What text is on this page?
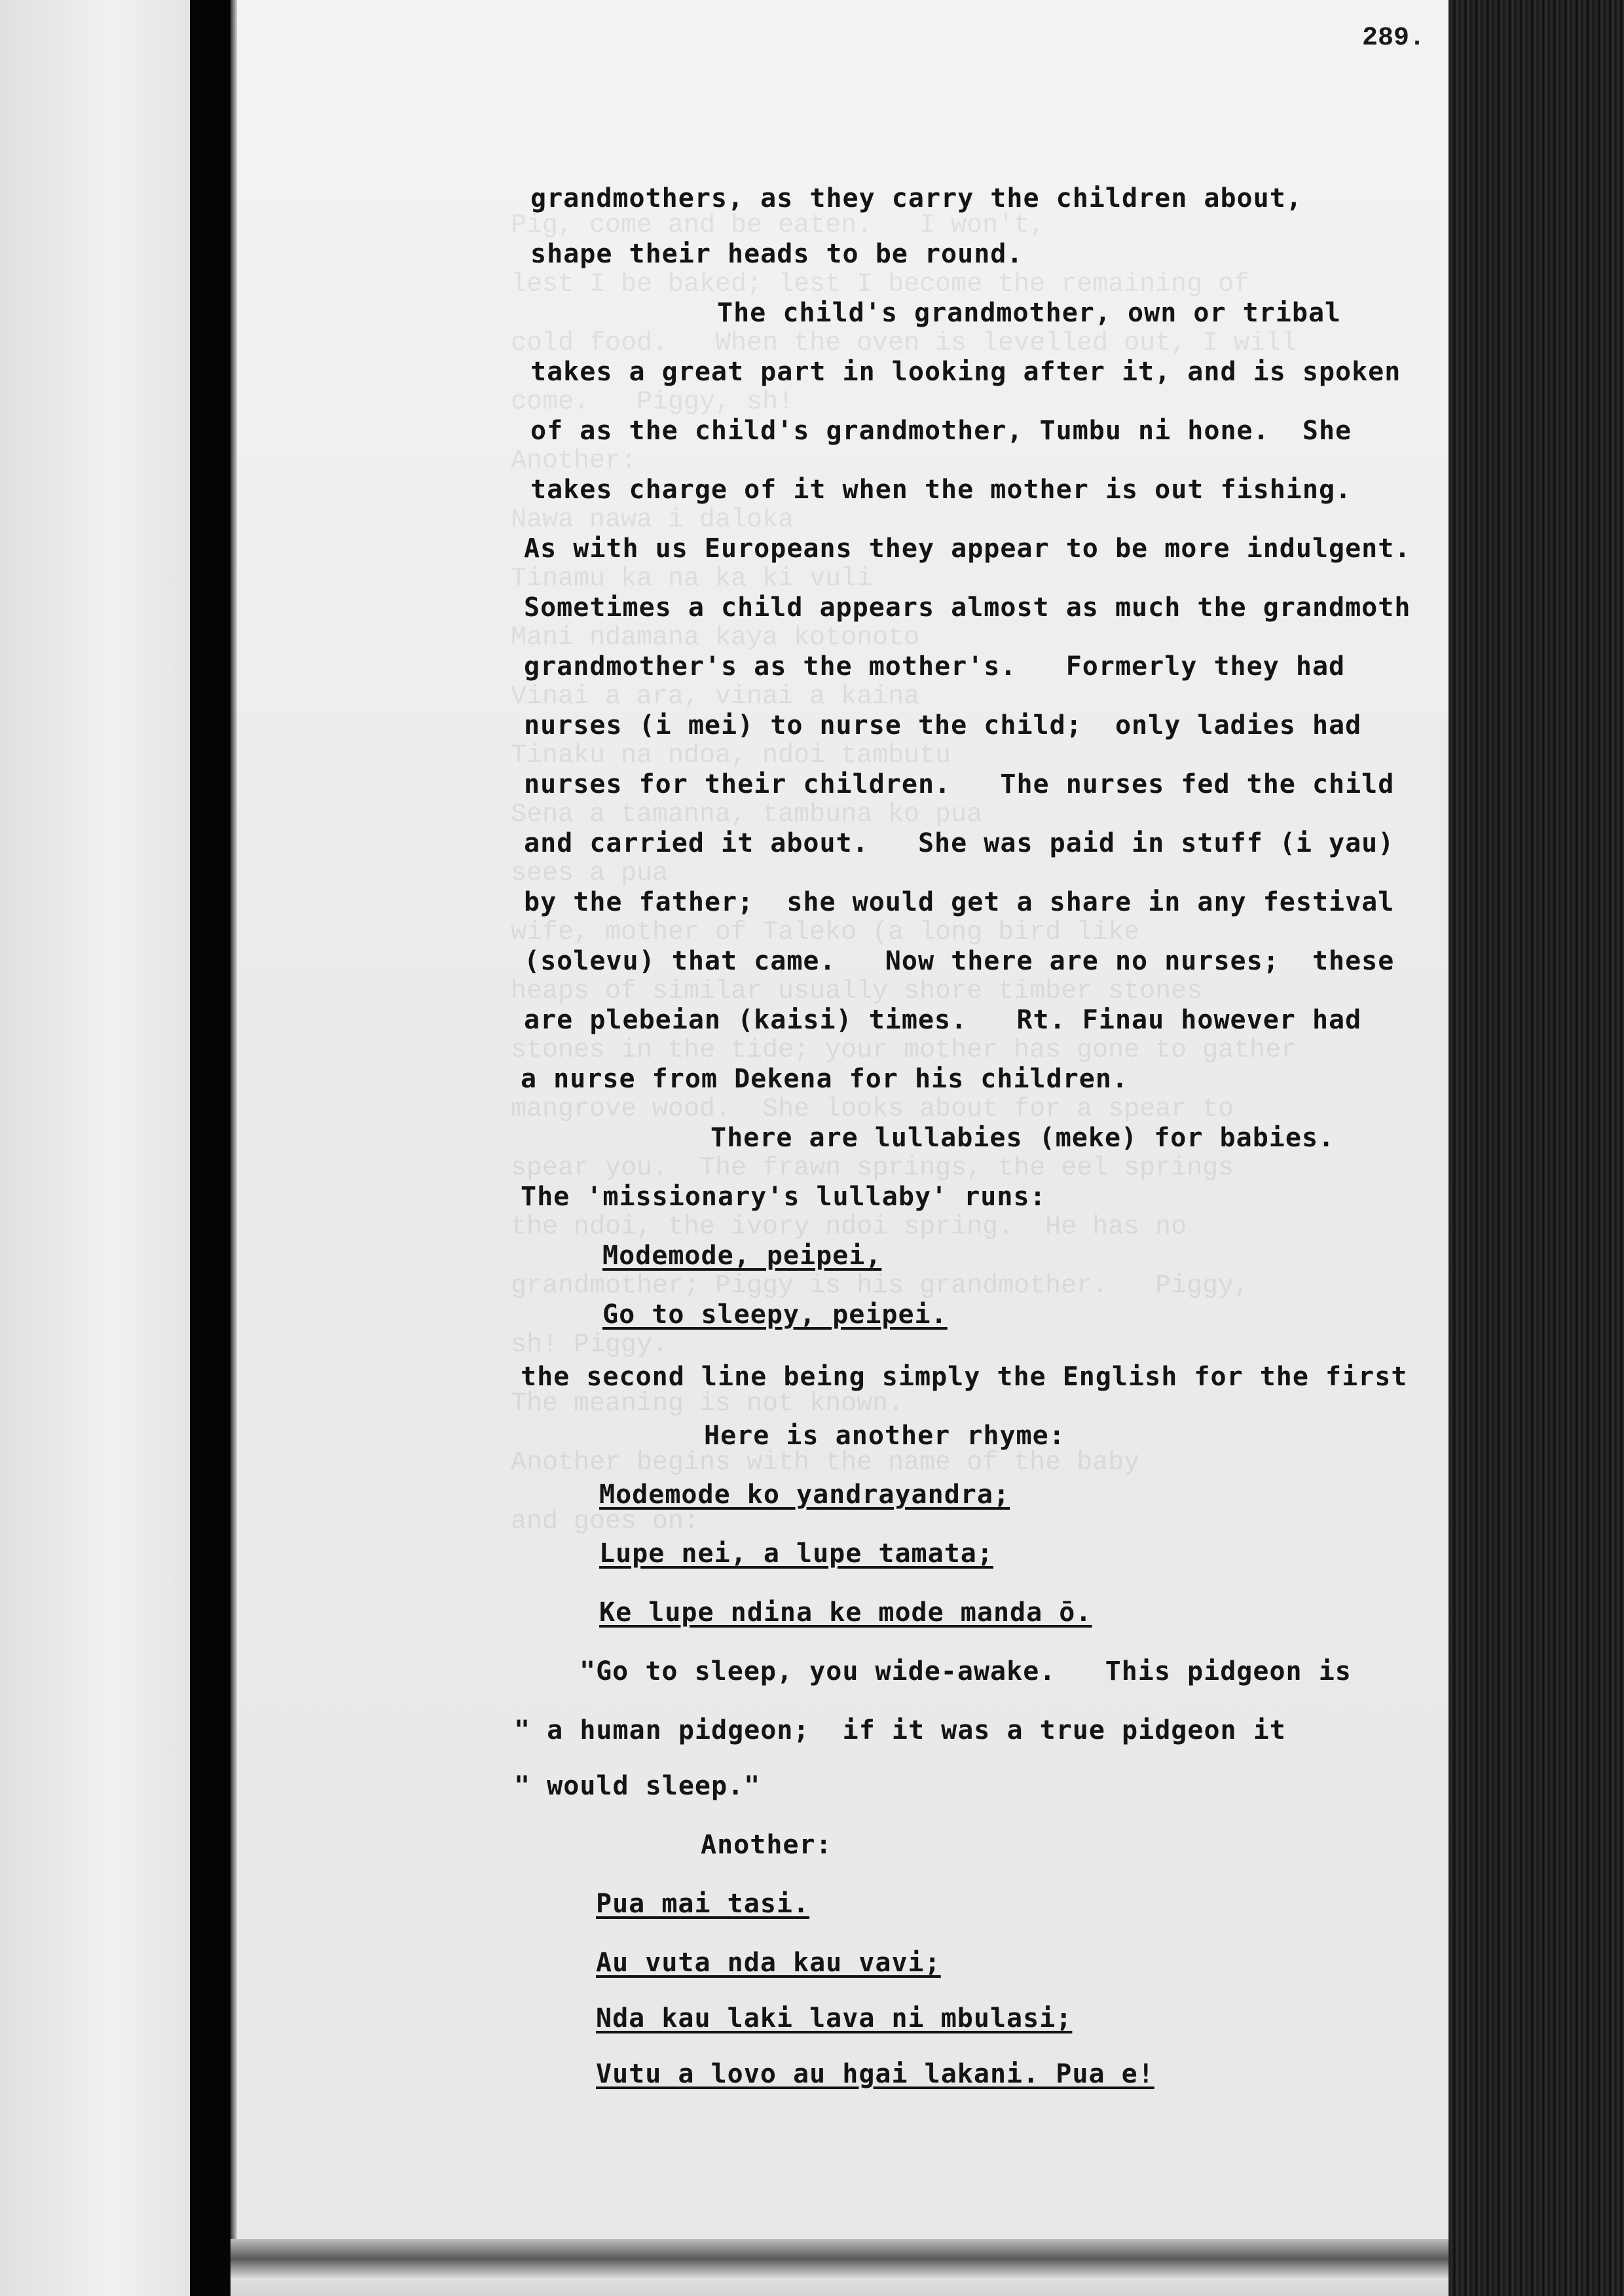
Pig, come and be eaten.   I won't,
lest I be baked; lest I become the remaining of
cold food.   When the oven is levelled out, I will
come.   Piggy, sh!
Another:
Nawa nawa i daloka
Tinamu ka na ka ki vuli
Mani ndamana kaya kotonoto
Vinai a ara, vinai a kaina
Tinaku na ndoa, ndoi tambutu
Sena a tamanna, tambuna ko pua
sees a pua
wife, mother of Taleko (a long bird like
heaps of similar usually shore timber stones
stones in the tide; your mother has gone to gather
mangrove wood.  She looks about for a spear to
spear you.  The frawn springs, the eel springs
the ndoi, the ivory ndoi spring.  He has no
grandmother; Piggy is his grandmother.   Piggy,
sh! Piggy.
The meaning is not known.
Another begins with the name of the baby
and goes on:
289.
grandmothers, as they carry the children about,
shape their heads to be round.
The child's grandmother, own or tribal
takes a great part in looking after it, and is spoken
of as the child's grandmother, Tumbu ni hone.  She
takes charge of it when the mother is out fishing.
As with us Europeans they appear to be more indulgent.
Sometimes a child appears almost as much the grandmoth
grandmother's as the mother's.   Formerly they had
nurses (i mei) to nurse the child;  only ladies had
nurses for their children.   The nurses fed the child
and carried it about.   She was paid in stuff (i yau)
by the father;  she would get a share in any festival
(solevu) that came.   Now there are no nurses;  these
are plebeian (kaisi) times.   Rt. Finau however had
a nurse from Dekena for his children.
There are lullabies (meke) for babies.
The 'missionary's lullaby' runs:
Modemode, peipei,
Go to sleepy, peipei.
the second line being simply the English for the first
Here is another rhyme:
Modemode ko yandrayandra;
Lupe nei, a lupe tamata;
Ke lupe ndina ke mode manda ō.
"Go to sleep, you wide-awake.   This pidgeon is
" a human pidgeon;  if it was a true pidgeon it
" would sleep."
Another:
Pua mai tasi.
Au vuta nda kau vavi;
Nda kau laki lava ni mbulasi;
Vutu a lovo au hgai lakani. Pua e!
